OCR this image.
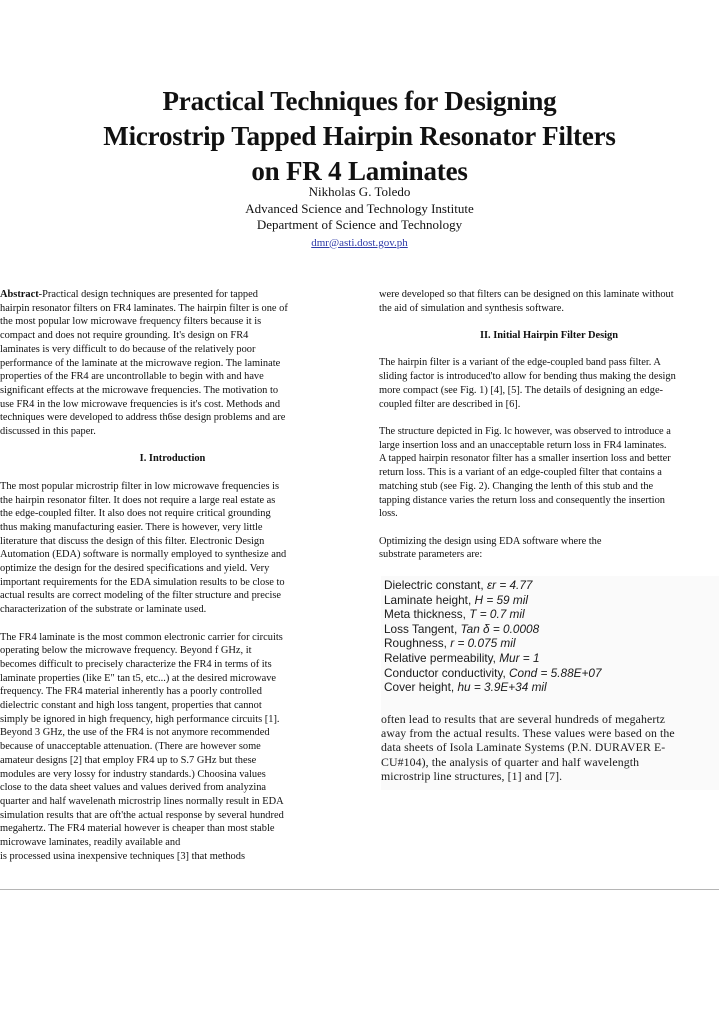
Practical Techniques for Designing
Microstrip Tapped Hairpin Resonator Filters
on FR 4 Laminates
Nikholas G. Toledo
Advanced Science and Technology Institute
Department of Science and Technology
dmr@asti.dost.gov.ph
Abstract-Practical design techniques are presented for tapped
hairpin resonator filters on FR4 laminates. The hairpin filter is one of
the most popular low microwave frequency filters because it is
compact and does not require grounding. It's design on FR4
laminates is very difficult to do because of the relatively poor
performance of the laminate at the microwave region. The laminate
properties of the FR4 are uncontrollable to begin with and have
significant effects at the microwave frequencies. The motivation to
use FR4 in the low microwave frequencies is it's cost. Methods and
techniques were developed to address th6se design problems and are
discussed in this paper.
I. Introduction
The most popular microstrip filter in low microwave frequencies is
the hairpin resonator filter. It does not require a large real estate as
the edge-coupled filter. It also does not require critical grounding
thus making manufacturing easier. There is however, very little
literature that discuss the design of this filter. Electronic Design
Automation (EDA) software is normally employed to synthesize and
optimize the design for the desired specifications and yield. Very
important requirements for the EDA simulation results to be close to
actual results are correct modeling of the filter structure and precise
characterization of the substrate or laminate used.
The FR4 laminate is the most common electronic carrier for circuits
operating below the microwave frequency. Beyond f GHz, it
becomes difficult to precisely characterize the FR4 in terms of its
laminate properties (like E" tan t5, etc...) at the desired microwave
frequency. The FR4 material inherently has a poorly controlled
dielectric constant and high loss tangent, properties that cannot
simply be ignored in high frequency, high performance circuits [1].
Beyond 3 GHz, the use of the FR4 is not anymore recommended
because of unacceptable attenuation. (There are however some
amateur designs [2] that employ FR4 up to S.7 GHz but these
modules are very lossy for industry standards.) Choosina values
close to the data sheet values and values derived from analyzina
quarter and half wavelenath microstrip lines normally result in EDA
simulation results that are oft'the actual response by several hundred
megahertz. The FR4 material however is cheaper than most stable
microwave laminates, readily available and
is processed usina inexpensive techniques [3] that methods
were developed so that filters can be designed on this laminate without
the aid of simulation and synthesis software.
II. Initial Hairpin Filter Design
The hairpin filter is a variant of the edge-coupled band pass filter. A
sliding factor is introduced'to allow for bending thus making the design
more compact (see Fig. 1) [4], [5]. The details of designing an edge-
coupled filter are described in [6].
The structure depicted in Fig. lc however, was observed to introduce a
large insertion loss and an unacceptable return loss in FR4 laminates.
A tapped hairpin resonator filter has a smaller insertion loss and better
return loss. This is a variant of an edge-coupled filter that contains a
matching stub (see Fig. 2). Changing the lenth of this stub and the
tapping distance varies the return loss and consequently the insertion
loss.
Optimizing the design using EDA software where the
substrate parameters are:
Dielectric constant, εr = 4.77
Laminate height, H = 59 mil
Meta thickness, T = 0.7 mil
Loss Tangent, Tan δ = 0.0008
Roughness, r = 0.075 mil
Relative permeability, Mur = 1
Conductor conductivity, Cond = 5.88E+07
Cover height, hu = 3.9E+34 mil
often lead to results that are several hundreds of megahertz
away from the actual results. These values were based on the
data sheets of Isola Laminate Systems (P.N. DURAVER E-
CU#104), the analysis of quarter and half wavelength
microstrip line structures, [1] and [7].
